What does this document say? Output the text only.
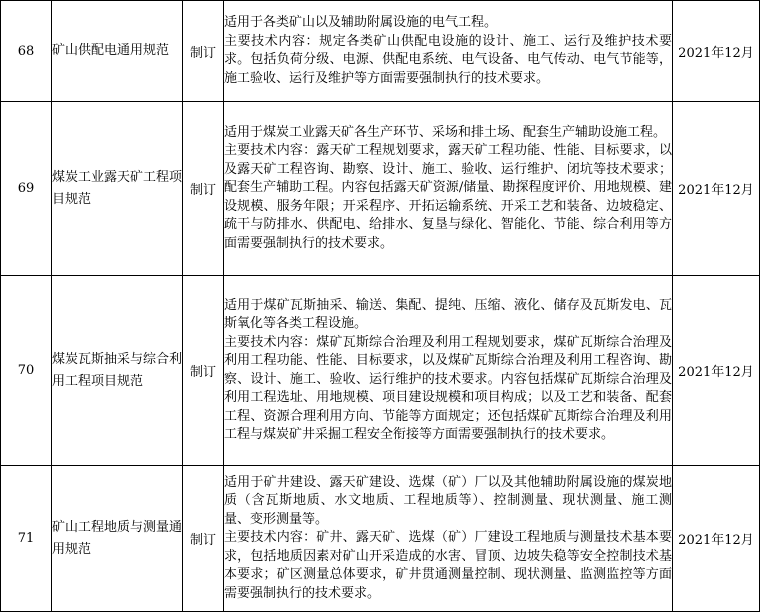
68	矿山供配电通用规范	制订	适用于各类矿山以及辅助附属设施的电气工程。

主要技术内容：规定各类矿山供配电设施的设计、施工、运行及维护技术要求。包括负荷分级、电源、供配电系统、电气设备、电气传动、电气节能等，施工验收、运行及维护等方面需要强制执行的技术要求。	2021年12月
69	煤炭工业露天矿工程项目规范	制订	适用于煤炭工业露天矿各生产环节、采场和排土场、配套生产辅助设施工程。

主要技术内容：露天矿工程规划要求，露天矿工程功能、性能、目标要求，以及露天矿工程咨询、勘察、设计、施工、验收、运行维护、闭坑等技术要求；配套生产辅助工程。内容包括露天矿资源/储量、勘探程度评价、用地规模、建设规模、服务年限；开采程序、开拓运输系统、开采工艺和装备、边坡稳定、疏干与防排水、供配电、给排水、复垦与绿化、智能化、节能、综合利用等方面需要强制执行的技术要求。	2021年12月
70	煤炭瓦斯抽采与综合利用工程项目规范	制订	适用于煤矿瓦斯抽采、输送、集配、提纯、压缩、液化、储存及瓦斯发电、瓦斯氧化等各类工程设施。

主要技术内容：煤矿瓦斯综合治理及利用工程规划要求，煤矿瓦斯综合治理及利用工程功能、性能、目标要求，以及煤矿瓦斯综合治理及利用工程咨询、勘察、设计、施工、验收、运行维护的技术要求。内容包括煤矿瓦斯综合治理及利用工程选址、用地规模、项目建设规模和项目构成；以及工艺和装备、配套工程、资源合理利用方向、节能等方面规定；还包括煤矿瓦斯综合治理及利用工程与煤炭矿井采掘工程安全衔接等方面需要强制执行的技术要求。	2021年12月
71	矿山工程地质与测量通用规范	制订	适用于矿井建设、露天矿建设、选煤（矿）厂以及其他辅助附属设施的煤炭地质（含瓦斯地质、水文地质、工程地质等）、控制测量、现状测量、施工测量、变形测量等。

主要技术内容：矿井、露天矿、选煤（矿）厂建设工程地质与测量技术基本要求，包括地质因素对矿山开采造成的水害、冒顶、边坡失稳等安全控制技术基本要求；矿区测量总体要求，矿井贯通测量控制、现状测量、监测监控等方面需要强制执行的技术要求。	2021年12月
